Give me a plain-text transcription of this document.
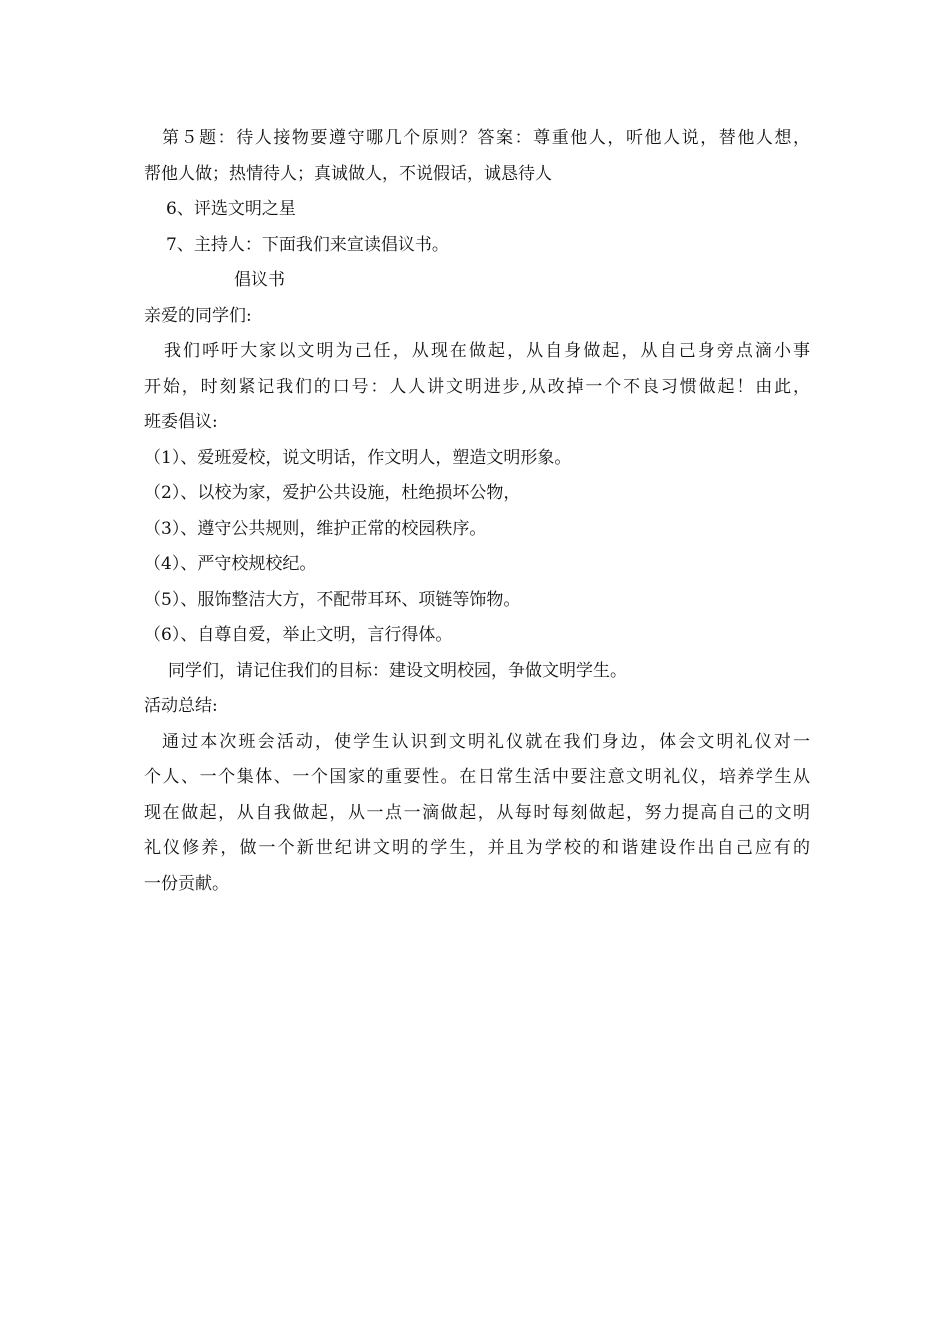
第５题：待人接物要遵守哪几个原则？答案：尊重他人，听他人说，替他人想，
帮他人做；热情待人；真诚做人，不说假话，诚恳待人
6、评选文明之星
7、主持人：下面我们来宣读倡议书。
倡议书
亲爱的同学们:
我们呼吁大家以文明为己任，从现在做起，从自身做起，从自己身旁点滴小事
开始，时刻紧记我们的口号：人人讲文明进步,从改掉一个不良习惯做起！由此，
班委倡议:
（1）、爱班爱校，说文明话，作文明人，塑造文明形象。
（2）、以校为家，爱护公共设施，杜绝损坏公物，
（3）、遵守公共规则，维护正常的校园秩序。
（4）、严守校规校纪。
（5）、服饰整洁大方，不配带耳环、项链等饰物。
（6）、自尊自爱，举止文明，言行得体。
同学们，请记住我们的目标：建设文明校园，争做文明学生。
活动总结:
通过本次班会活动，使学生认识到文明礼仪就在我们身边，体会文明礼仪对一
个人、一个集体、一个国家的重要性。在日常生活中要注意文明礼仪，培养学生从
现在做起，从自我做起，从一点一滴做起，从每时每刻做起，努力提高自己的文明
礼仪修养，做一个新世纪讲文明的学生，并且为学校的和谐建设作出自己应有的
一份贡献。
